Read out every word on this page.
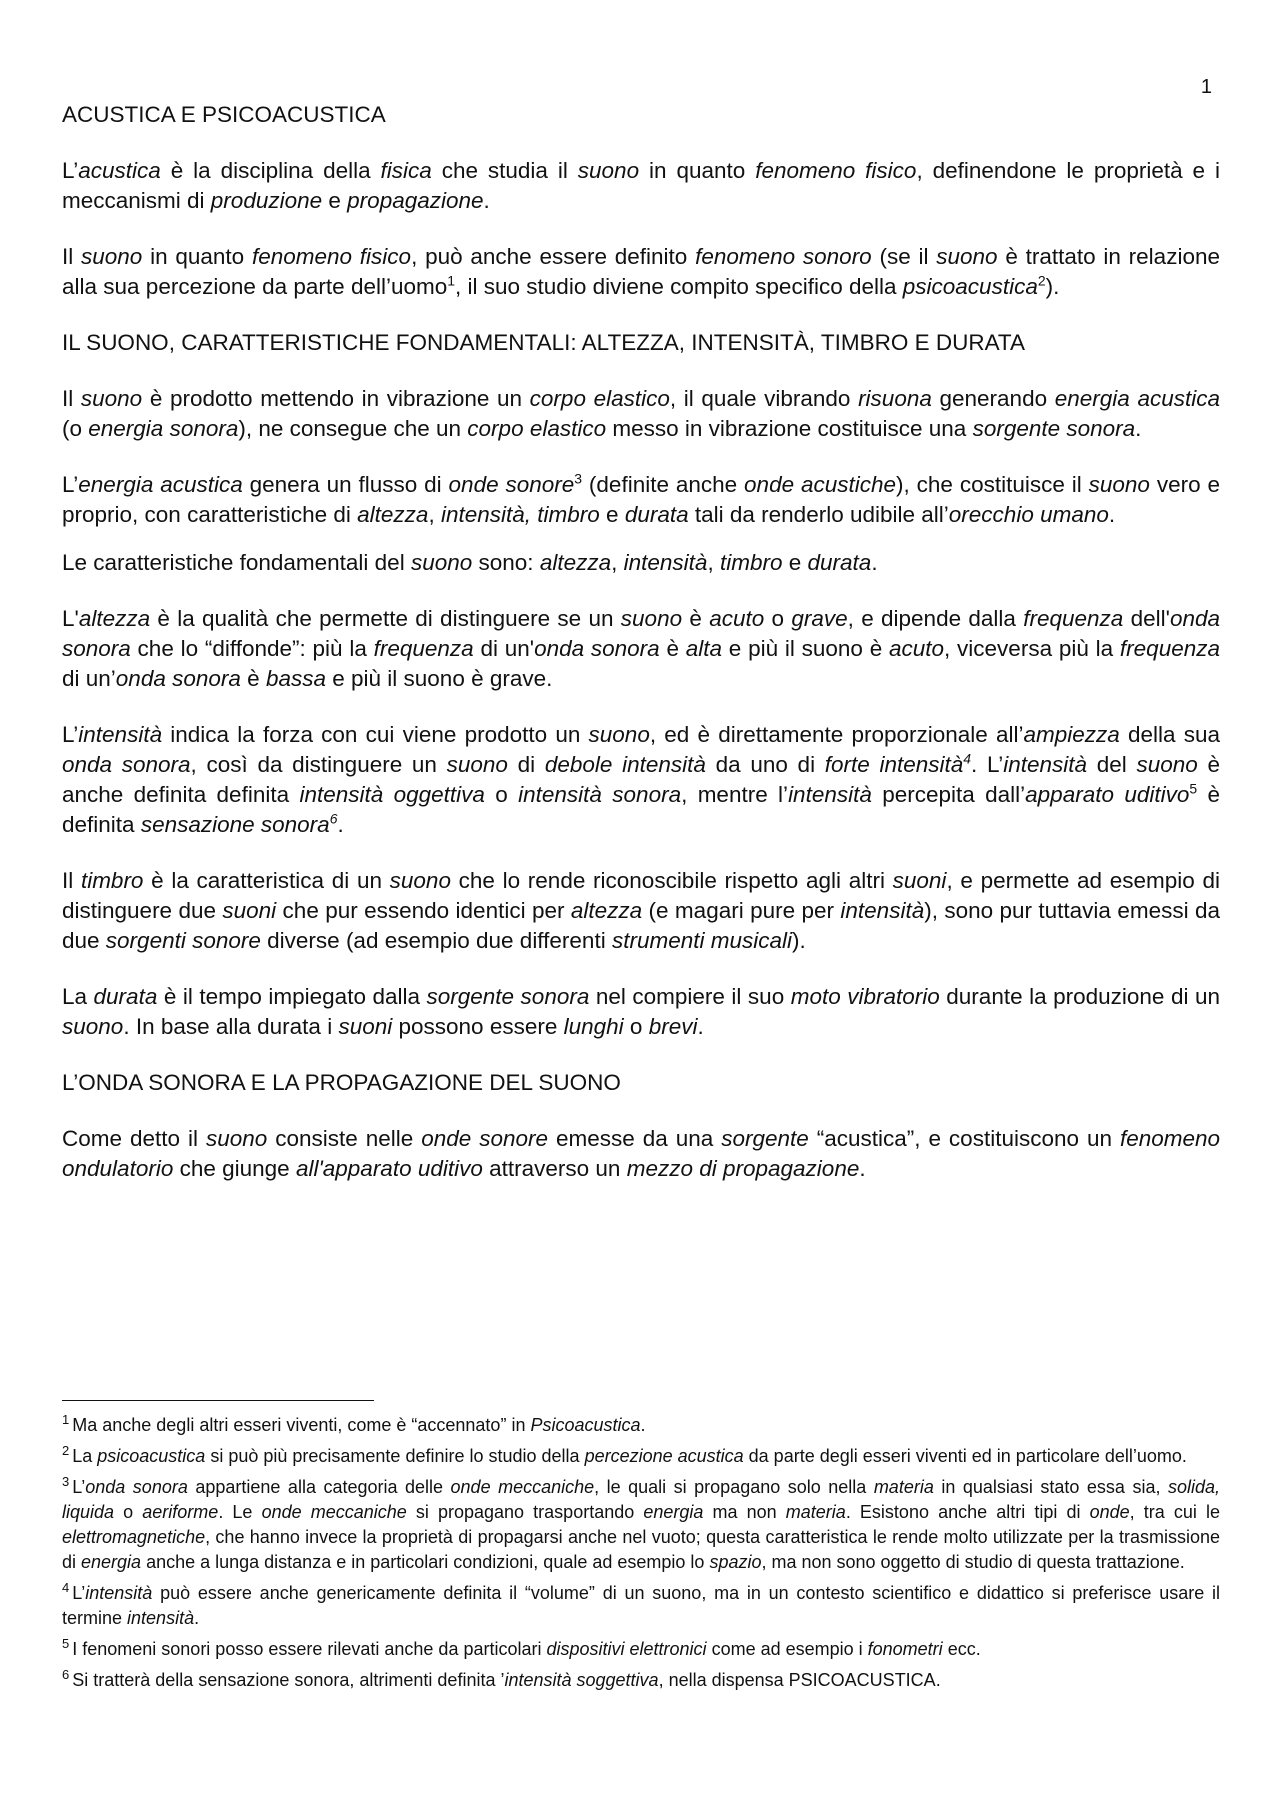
1
ACUSTICA E PSICOACUSTICA

L’acustica è la disciplina della fisica che studia il suono in quanto fenomeno fisico, definendone le proprietà e i meccanismi di produzione e propagazione.

Il suono in quanto fenomeno fisico, può anche essere definito fenomeno sonoro (se il suono è trattato in relazione alla sua percezione da parte dell’uomo$^1$, il suo studio diviene compito specifico della psicoacustica$^2$).

IL SUONO, CARATTERISTICHE FONDAMENTALI: ALTEZZA, INTENSITÀ, TIMBRO E DURATA

Il suono è prodotto mettendo in vibrazione un corpo elastico, il quale vibrando risuona generando energia acustica (o energia sonora), ne consegue che un corpo elastico messo in vibrazione costituisce una sorgente sonora.

L’energia acustica genera un flusso di onde sonore$^3$ (definite anche onde acustiche), che costituisce il suono vero e proprio, con caratteristiche di altezza, intensità, timbro e durata tali da renderlo udibile all’orecchio umano.

Le caratteristiche fondamentali del suono sono: altezza, intensità, timbro e durata.

L'altezza è la qualità che permette di distinguere se un suono è acuto o grave, e dipende dalla frequenza dell'onda sonora che lo “diffonde”: più la frequenza di un'onda sonora è alta e più il suono è acuto, viceversa più la frequenza di un’onda sonora è bassa e più il suono è grave.

L’intensità indica la forza con cui viene prodotto un suono, ed è direttamente proporzionale all’ampiezza della sua onda sonora, così da distinguere un suono di debole intensità da uno di forte intensità$^4$. L’intensità del suono è anche definita definita intensità oggettiva o intensità sonora, mentre l’intensità percepita dall’apparato uditivo$^5$ è definita sensazione sonora$^6$.

Il timbro è la caratteristica di un suono che lo rende riconoscibile rispetto agli altri suoni, e permette ad esempio di distinguere due suoni che pur essendo identici per altezza (e magari pure per intensità), sono pur tuttavia emessi da due sorgenti sonore diverse (ad esempio due differenti strumenti musicali).

La durata è il tempo impiegato dalla sorgente sonora nel compiere il suo moto vibratorio durante la produzione di un suono. In base alla durata i suoni possono essere lunghi o brevi.

L’ONDA SONORA E LA PROPAGAZIONE DEL SUONO

Come detto il suono consiste nelle onde sonore emesse da una sorgente “acustica”, e costituiscono un fenomeno ondulatorio che giunge all'apparato uditivo attraverso un mezzo di propagazione.

$^1$ Ma anche degli altri esseri viventi, come è “accennato” in Psicoacustica.

$^2$ La psicoacustica si può più precisamente definire lo studio della percezione acustica da parte degli esseri viventi ed in particolare dell’uomo.

$^3$ L’onda sonora appartiene alla categoria delle onde meccaniche, le quali si propagano solo nella materia in qualsiasi stato essa sia, solida, liquida o aeriforme. Le onde meccaniche si propagano trasportando energia ma non materia. Esistono anche altri tipi di onde, tra cui le elettromagnetiche, che hanno invece la proprietà di propagarsi anche nel vuoto; questa caratteristica le rende molto utilizzate per la trasmissione di energia anche a lunga distanza e in particolari condizioni, quale ad esempio lo spazio, ma non sono oggetto di studio di questa trattazione.

$^4$ L’intensità può essere anche genericamente definita il “volume” di un suono, ma in un contesto scientifico e didattico si preferisce usare il termine intensità.

$^5$ I fenomeni sonori posso essere rilevati anche da particolari dispositivi elettronici come ad esempio i fonometri ecc.

$^6$ Si tratterà della sensazione sonora, altrimenti definita ’intensità soggettiva, nella dispensa PSICOACUSTICA.
